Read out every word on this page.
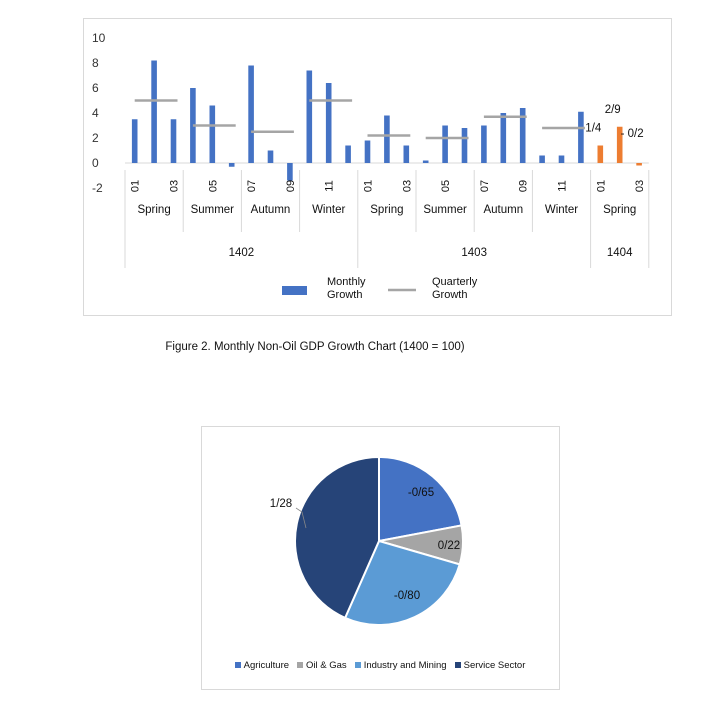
10
8
6
4
2
0
-2
1/4
2/9
- 0/2
01 03 05 07 09 11 01 03 05 07 09 11 01 03
Spring Summer Autumn Winter Spring Summer Autumn Winter Spring
1402	1403	1404
Monthly
Growth
Quarterly
Growth
Figure 2. Monthly Non-Oil GDP Growth Chart (1400 = 100)
-0/65
0/22
-0/80
1/28
Agriculture Oil & Gas Industry and Mining Service Sector
